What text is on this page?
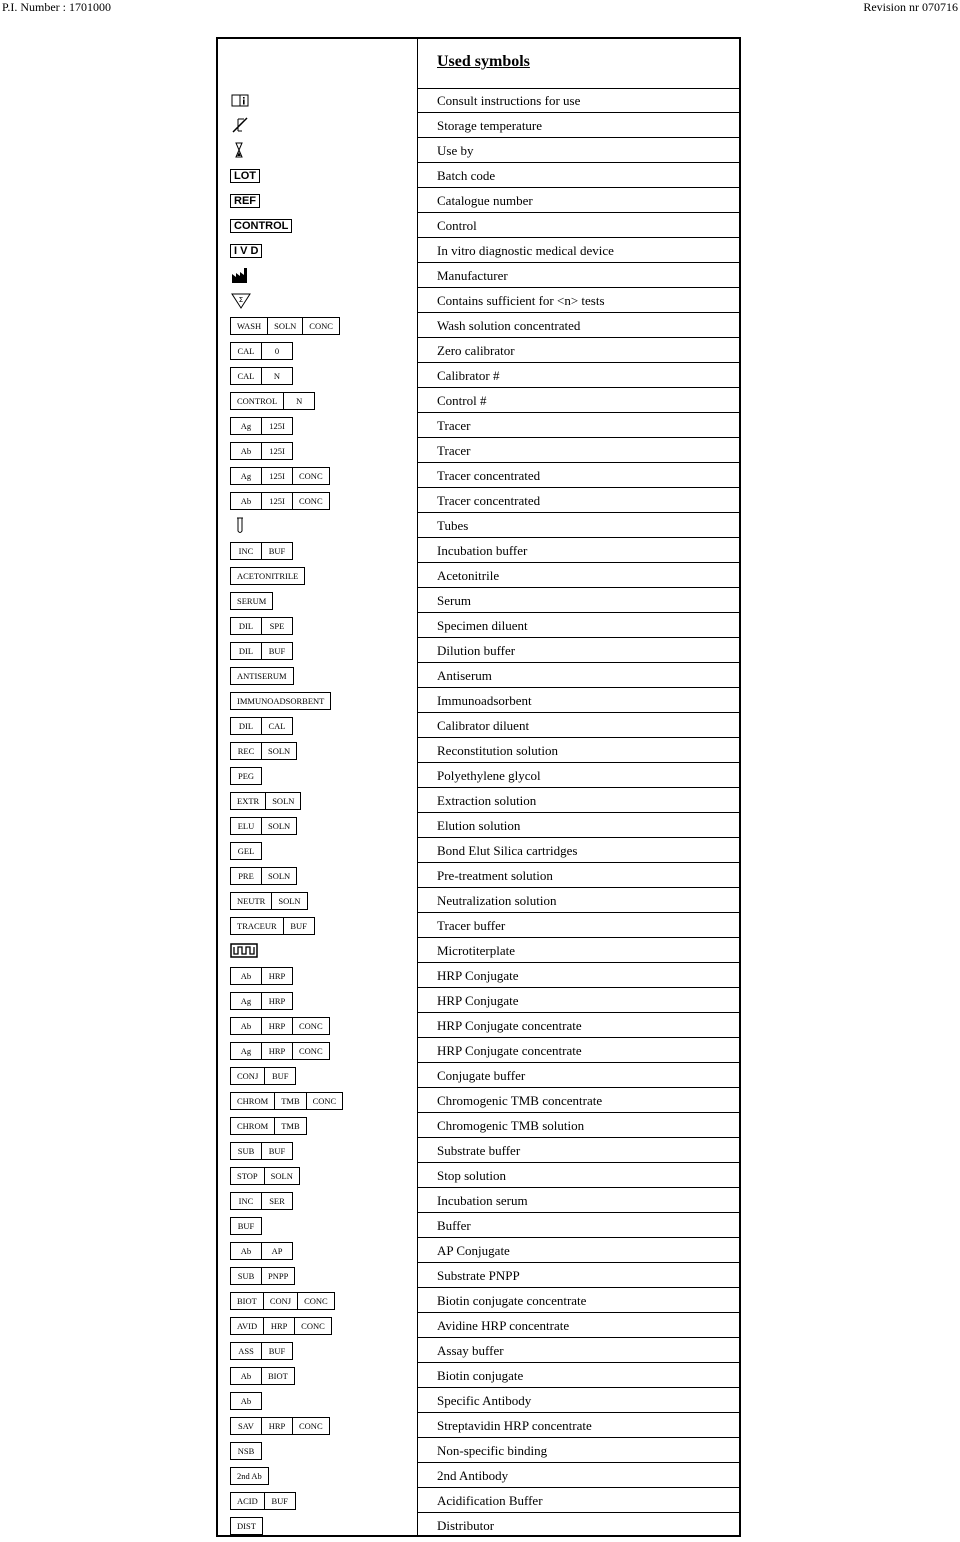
P.I. Number : 1701000	Revision nr 070716
Used symbols
Consult instructions for use
Storage temperature
Use by
LOT	Batch code
REF	Catalogue number
CONTROL	Control
I V D	In vitro diagnostic medical device
Manufacturer
Σ	Contains sufficient for <n> tests
WASH	SOLN	CONC	Wash solution concentrated
CAL	0	Zero calibrator
CAL	N	Calibrator #
CONTROL	N	Control #
Ag	125I	Tracer
Ab	125I	Tracer
Ag	125I	CONC	Tracer concentrated
Ab	125I	CONC	Tracer concentrated
Tubes
INC	BUF	Incubation buffer
ACETONITRILE	Acetonitrile
SERUM	Serum
DIL	SPE	Specimen diluent
DIL	BUF	Dilution buffer
ANTISERUM	Antiserum
IMMUNOADSORBENT	Immunoadsorbent
DIL	CAL	Calibrator diluent
REC	SOLN	Reconstitution solution
PEG	Polyethylene glycol
EXTR	SOLN	Extraction solution
ELU	SOLN	Elution solution
GEL	Bond Elut Silica cartridges
PRE	SOLN	Pre-treatment solution
NEUTR	SOLN	Neutralization solution
TRACEUR	BUF	Tracer buffer
Microtiterplate
Ab	HRP	HRP Conjugate
Ag	HRP	HRP Conjugate
Ab	HRP	CONC	HRP Conjugate concentrate
Ag	HRP	CONC	HRP Conjugate concentrate
CONJ	BUF	Conjugate buffer
CHROM	TMB	CONC	Chromogenic TMB concentrate
CHROM	TMB	Chromogenic TMB solution
SUB	BUF	Substrate buffer
STOP	SOLN	Stop solution
INC	SER	Incubation serum
BUF	Buffer
Ab	AP	AP Conjugate
SUB	PNPP	Substrate PNPP
BIOT	CONJ	CONC	Biotin conjugate concentrate
AVID	HRP	CONC	Avidine HRP concentrate
ASS	BUF	Assay buffer
Ab	BIOT	Biotin conjugate
Ab	Specific Antibody
SAV	HRP	CONC	Streptavidin HRP concentrate
NSB	Non-specific binding
2nd Ab	2nd Antibody
ACID	BUF	Acidification Buffer
DIST	Distributor
